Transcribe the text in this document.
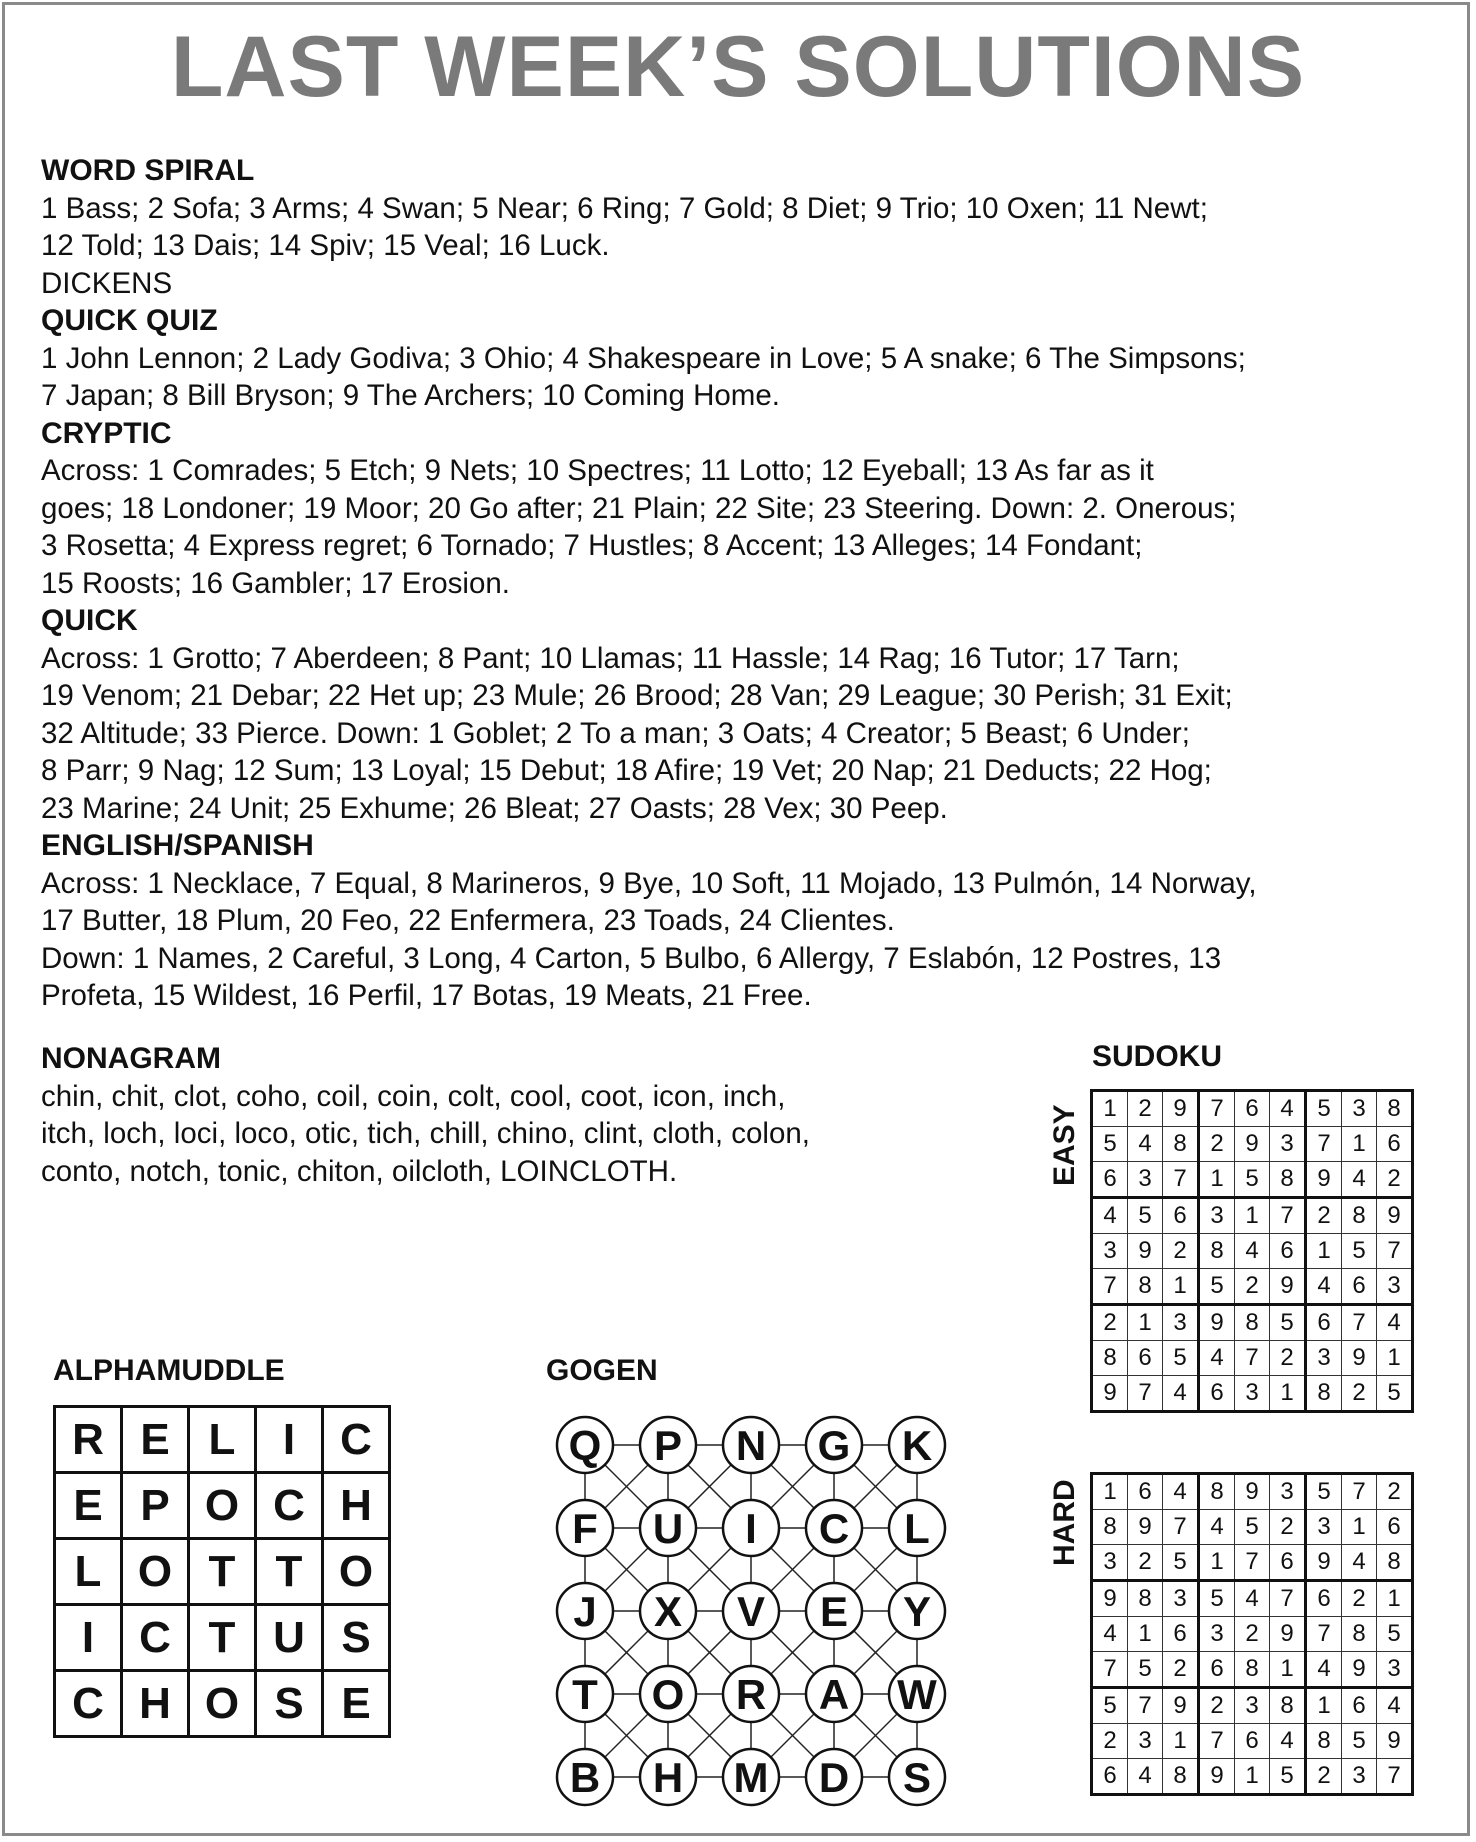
LAST WEEK’S SOLUTIONS
WORD SPIRAL

1 Bass; 2 Sofa; 3 Arms; 4 Swan; 5 Near; 6 Ring; 7 Gold; 8 Diet; 9 Trio; 10 Oxen; 11 Newt;

12 Told; 13 Dais; 14 Spiv; 15 Veal; 16 Luck.

DICKENS

QUICK QUIZ

1 John Lennon; 2 Lady Godiva; 3 Ohio; 4 Shakespeare in Love; 5 A snake; 6 The Simpsons;

7 Japan; 8 Bill Bryson; 9 The Archers; 10 Coming Home.

CRYPTIC

Across: 1 Comrades; 5 Etch; 9 Nets; 10 Spectres; 11 Lotto; 12 Eyeball; 13 As far as it

goes; 18 Londoner; 19 Moor; 20 Go after; 21 Plain; 22 Site; 23 Steering. Down: 2. Onerous;

3 Rosetta; 4 Express regret; 6 Tornado; 7 Hustles; 8 Accent; 13 Alleges; 14 Fondant;

15 Roosts; 16 Gambler; 17 Erosion.

QUICK

Across: 1 Grotto; 7 Aberdeen; 8 Pant; 10 Llamas; 11 Hassle; 14 Rag; 16 Tutor; 17 Tarn;

19 Venom; 21 Debar; 22 Het up; 23 Mule; 26 Brood; 28 Van; 29 League; 30 Perish; 31 Exit;

32 Altitude; 33 Pierce. Down: 1 Goblet; 2 To a man; 3 Oats; 4 Creator; 5 Beast; 6 Under;

8 Parr; 9 Nag; 12 Sum; 13 Loyal; 15 Debut; 18 Afire; 19 Vet; 20 Nap; 21 Deducts; 22 Hog;

23 Marine; 24 Unit; 25 Exhume; 26 Bleat; 27 Oasts; 28 Vex; 30 Peep.

ENGLISH/SPANISH

Across: 1 Necklace, 7 Equal, 8 Marineros, 9 Bye, 10 Soft, 11 Mojado, 13 Pulmón, 14 Norway,

17 Butter, 18 Plum, 20 Feo, 22 Enfermera, 23 Toads, 24 Clientes.

Down: 1 Names, 2 Careful, 3 Long, 4 Carton, 5 Bulbo, 6 Allergy, 7 Eslabón, 12 Postres, 13

Profeta, 15 Wildest, 16 Perfil, 17 Botas, 19 Meats, 21 Free.

NONAGRAM

chin, chit, clot, coho, coil, coin, colt, cool, coot, icon, inch,

itch, loch, loci, loco, otic, tich, chill, chino, clint, cloth, colon,

conto, notch, tonic, chiton, oilcloth, LOINCLOTH.

SUDOKU
EASY 1	2	9	7	6	4	5	3	8
5	4	8	2	9	3	7	1	6
6	3	7	1	5	8	9	4	2
4	5	6	3	1	7	2	8	9
3	9	2	8	4	6	1	5	7
7	8	1	5	2	9	4	6	3
2	1	3	9	8	5	6	7	4
8	6	5	4	7	2	3	9	1
9	7	4	6	3	1	8	2	5
HARD 1	6	4	8	9	3	5	7	2
8	9	7	4	5	2	3	1	6
3	2	5	1	7	6	9	4	8
9	8	3	5	4	7	6	2	1
4	1	6	3	2	9	7	8	5
7	5	2	6	8	1	4	9	3
5	7	9	2	3	8	1	6	4
2	3	1	7	6	4	8	5	9
6	4	8	9	1	5	2	3	7
ALPHAMUDDLE
R	E	L	I	C
E	P	O	C	H
L	O	T	T	O
I	C	T	U	S
C	H	O	S	E
GOGEN
Q P N G K
F U I C L
J X V E Y
T O R A W
B H M D S
